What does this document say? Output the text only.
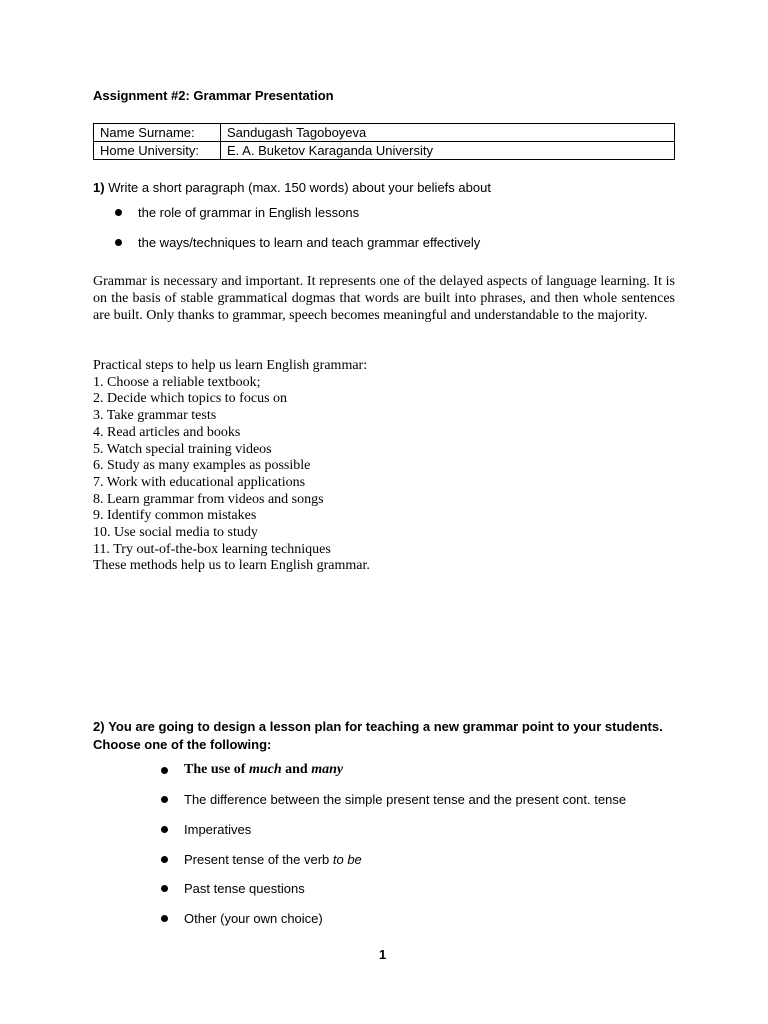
Assignment #2: Grammar Presentation
Name Surname:	Sandugash Tagoboyeva
Home University:	E. A. Buketov Karaganda University
1) Write a short paragraph (max. 150 words) about your beliefs about
the role of grammar in English lessons
the ways/techniques to learn and teach grammar effectively

Grammar is necessary and important. It represents one of the delayed aspects of language learning. It is on the basis of stable grammatical dogmas that words are built into phrases, and then whole sentences are built. Only thanks to grammar, speech becomes meaningful and understandable to the majority.

Practical steps to help us learn English grammar:
1. Choose a reliable textbook;
2. Decide which topics to focus on
3. Take grammar tests
4. Read articles and books
5. Watch special training videos
6. Study as many examples as possible
7. Work with educational applications
8. Learn grammar from videos and songs
9. Identify common mistakes
10. Use social media to study
11. Try out-of-the-box learning techniques
These methods help us to learn English grammar.
2) You are going to design a lesson plan for teaching a new grammar point to your students. Choose one of the following:
The use of much and many
The difference between the simple present tense and the present cont. tense
Imperatives
Present tense of the verb to be
Past tense questions
Other (your own choice)
1
